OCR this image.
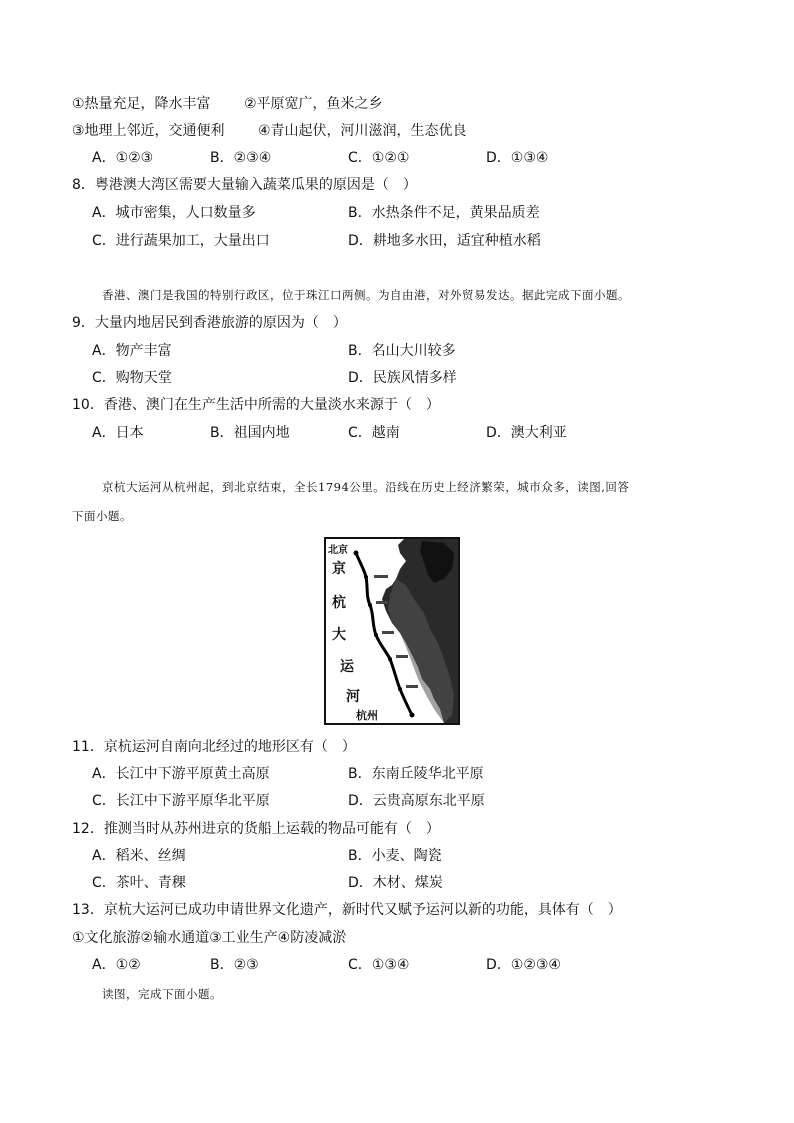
①热量充足，降水丰富 ②平原宽广，鱼米之乡
③地理上邻近，交通便利 ④青山起伏，河川滋润，生态优良
A．①②③	B．②③④	C．①②①	D．①③④
8．粤港澳大湾区需要大量输入蔬菜瓜果的原因是（　）
A．城市密集，人口数量多	B．水热条件不足，黄果品质差
C．进行蔬果加工，大量出口	D．耕地多水田，适宜种植水稻
香港、澳门是我国的特别行政区，位于珠江口两侧。为自由港，对外贸易发达。据此完成下面小题。
9．大量内地居民到香港旅游的原因为（　）
A．物产丰富	B．名山大川较多
C．购物天堂	D．民族风情多样
10．香港、澳门在生产生活中所需的大量淡水来源于（　）
A．日本	B．祖国内地	C．越南	D．澳大利亚
京杭大运河从杭州起，到北京结束，全长1794公里。沿线在历史上经济繁荣，城市众多，读图,回答
下面小题。
北京
京
杭
大
运
河
杭州
11．京杭运河自南向北经过的地形区有（　）
A．长江中下游平原黄土高原	B．东南丘陵华北平原
C．长江中下游平原华北平原	D．云贵高原东北平原
12．推测当时从苏州进京的货船上运载的物品可能有（　）
A．稻米、丝绸	B．小麦、陶瓷
C．茶叶、青稞	D．木材、煤炭
13．京杭大运河已成功申请世界文化遗产，新时代又赋予运河以新的功能，具体有（　）
①文化旅游②输水通道③工业生产④防凌减淤
A．①②	B．②③	C．①③④	D．①②③④
读图，完成下面小题。
